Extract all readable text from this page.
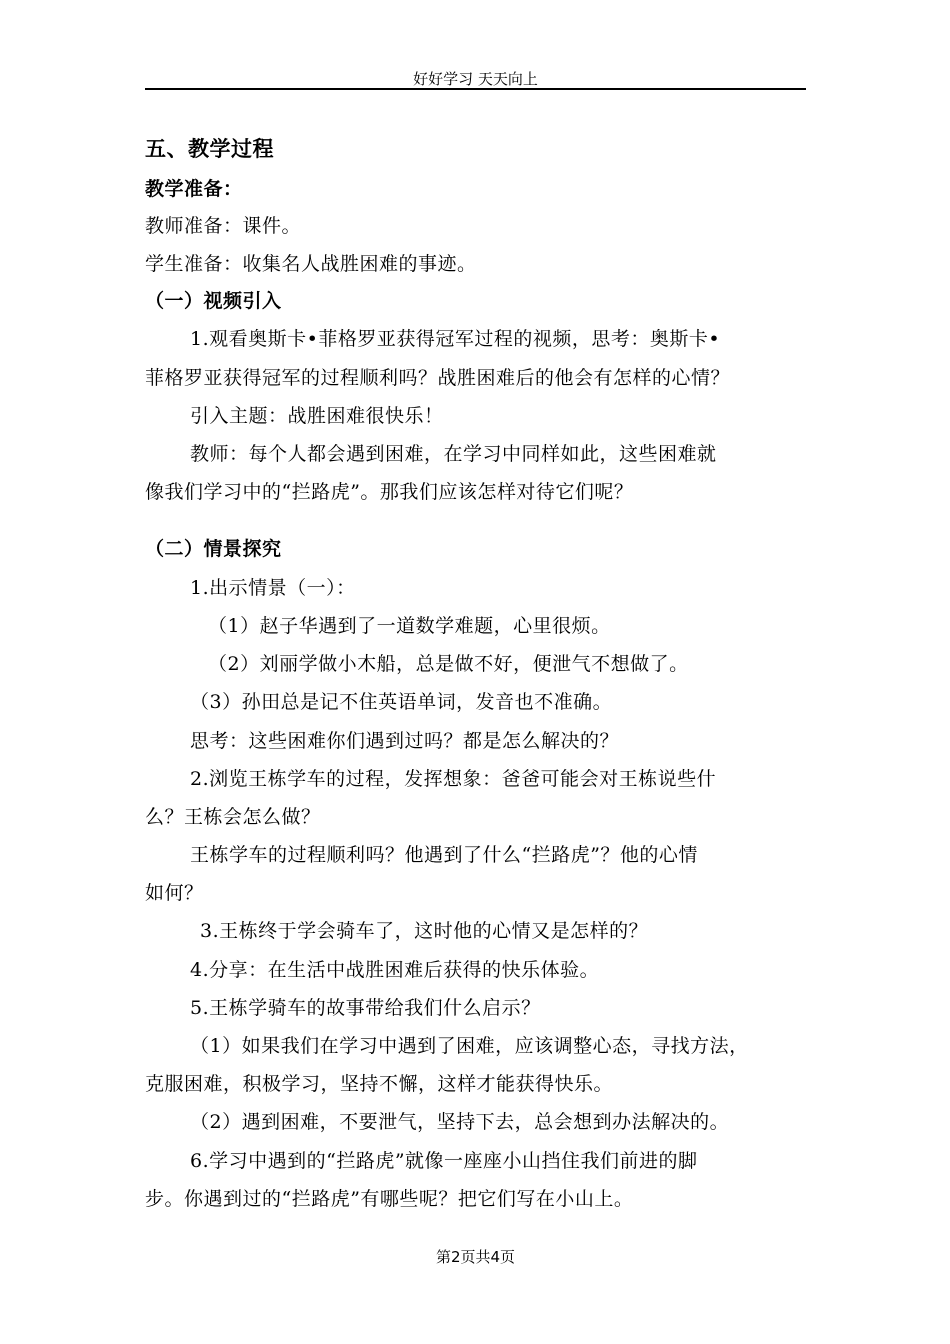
好好学习 天天向上
五、教学过程
教学准备：
教师准备：课件。
学生准备：收集名人战胜困难的事迹。
（一）视频引入
1.观看奥斯卡•菲格罗亚获得冠军过程的视频，思考：奥斯卡•
菲格罗亚获得冠军的过程顺利吗？战胜困难后的他会有怎样的心情？
引入主题：战胜困难很快乐！
教师：每个人都会遇到困难，在学习中同样如此，这些困难就
像我们学习中的“拦路虎”。那我们应该怎样对待它们呢？
（二）情景探究
1.出示情景（一）：
（1）赵子华遇到了一道数学难题，心里很烦。
（2）刘丽学做小木船，总是做不好，便泄气不想做了。
（3）孙田总是记不住英语单词，发音也不准确。
思考：这些困难你们遇到过吗？都是怎么解决的？
2.浏览王栋学车的过程，发挥想象：爸爸可能会对王栋说些什
么？王栋会怎么做？
王栋学车的过程顺利吗？他遇到了什么“拦路虎”？他的心情
如何？
3.王栋终于学会骑车了，这时他的心情又是怎样的？
4.分享：在生活中战胜困难后获得的快乐体验。
5.王栋学骑车的故事带给我们什么启示？
（1）如果我们在学习中遇到了困难，应该调整心态，寻找方法，
克服困难，积极学习，坚持不懈，这样才能获得快乐。
（2）遇到困难，不要泄气，坚持下去，总会想到办法解决的。
6.学习中遇到的“拦路虎”就像一座座小山挡住我们前进的脚
步。你遇到过的“拦路虎”有哪些呢？把它们写在小山上。
第2页共4页
